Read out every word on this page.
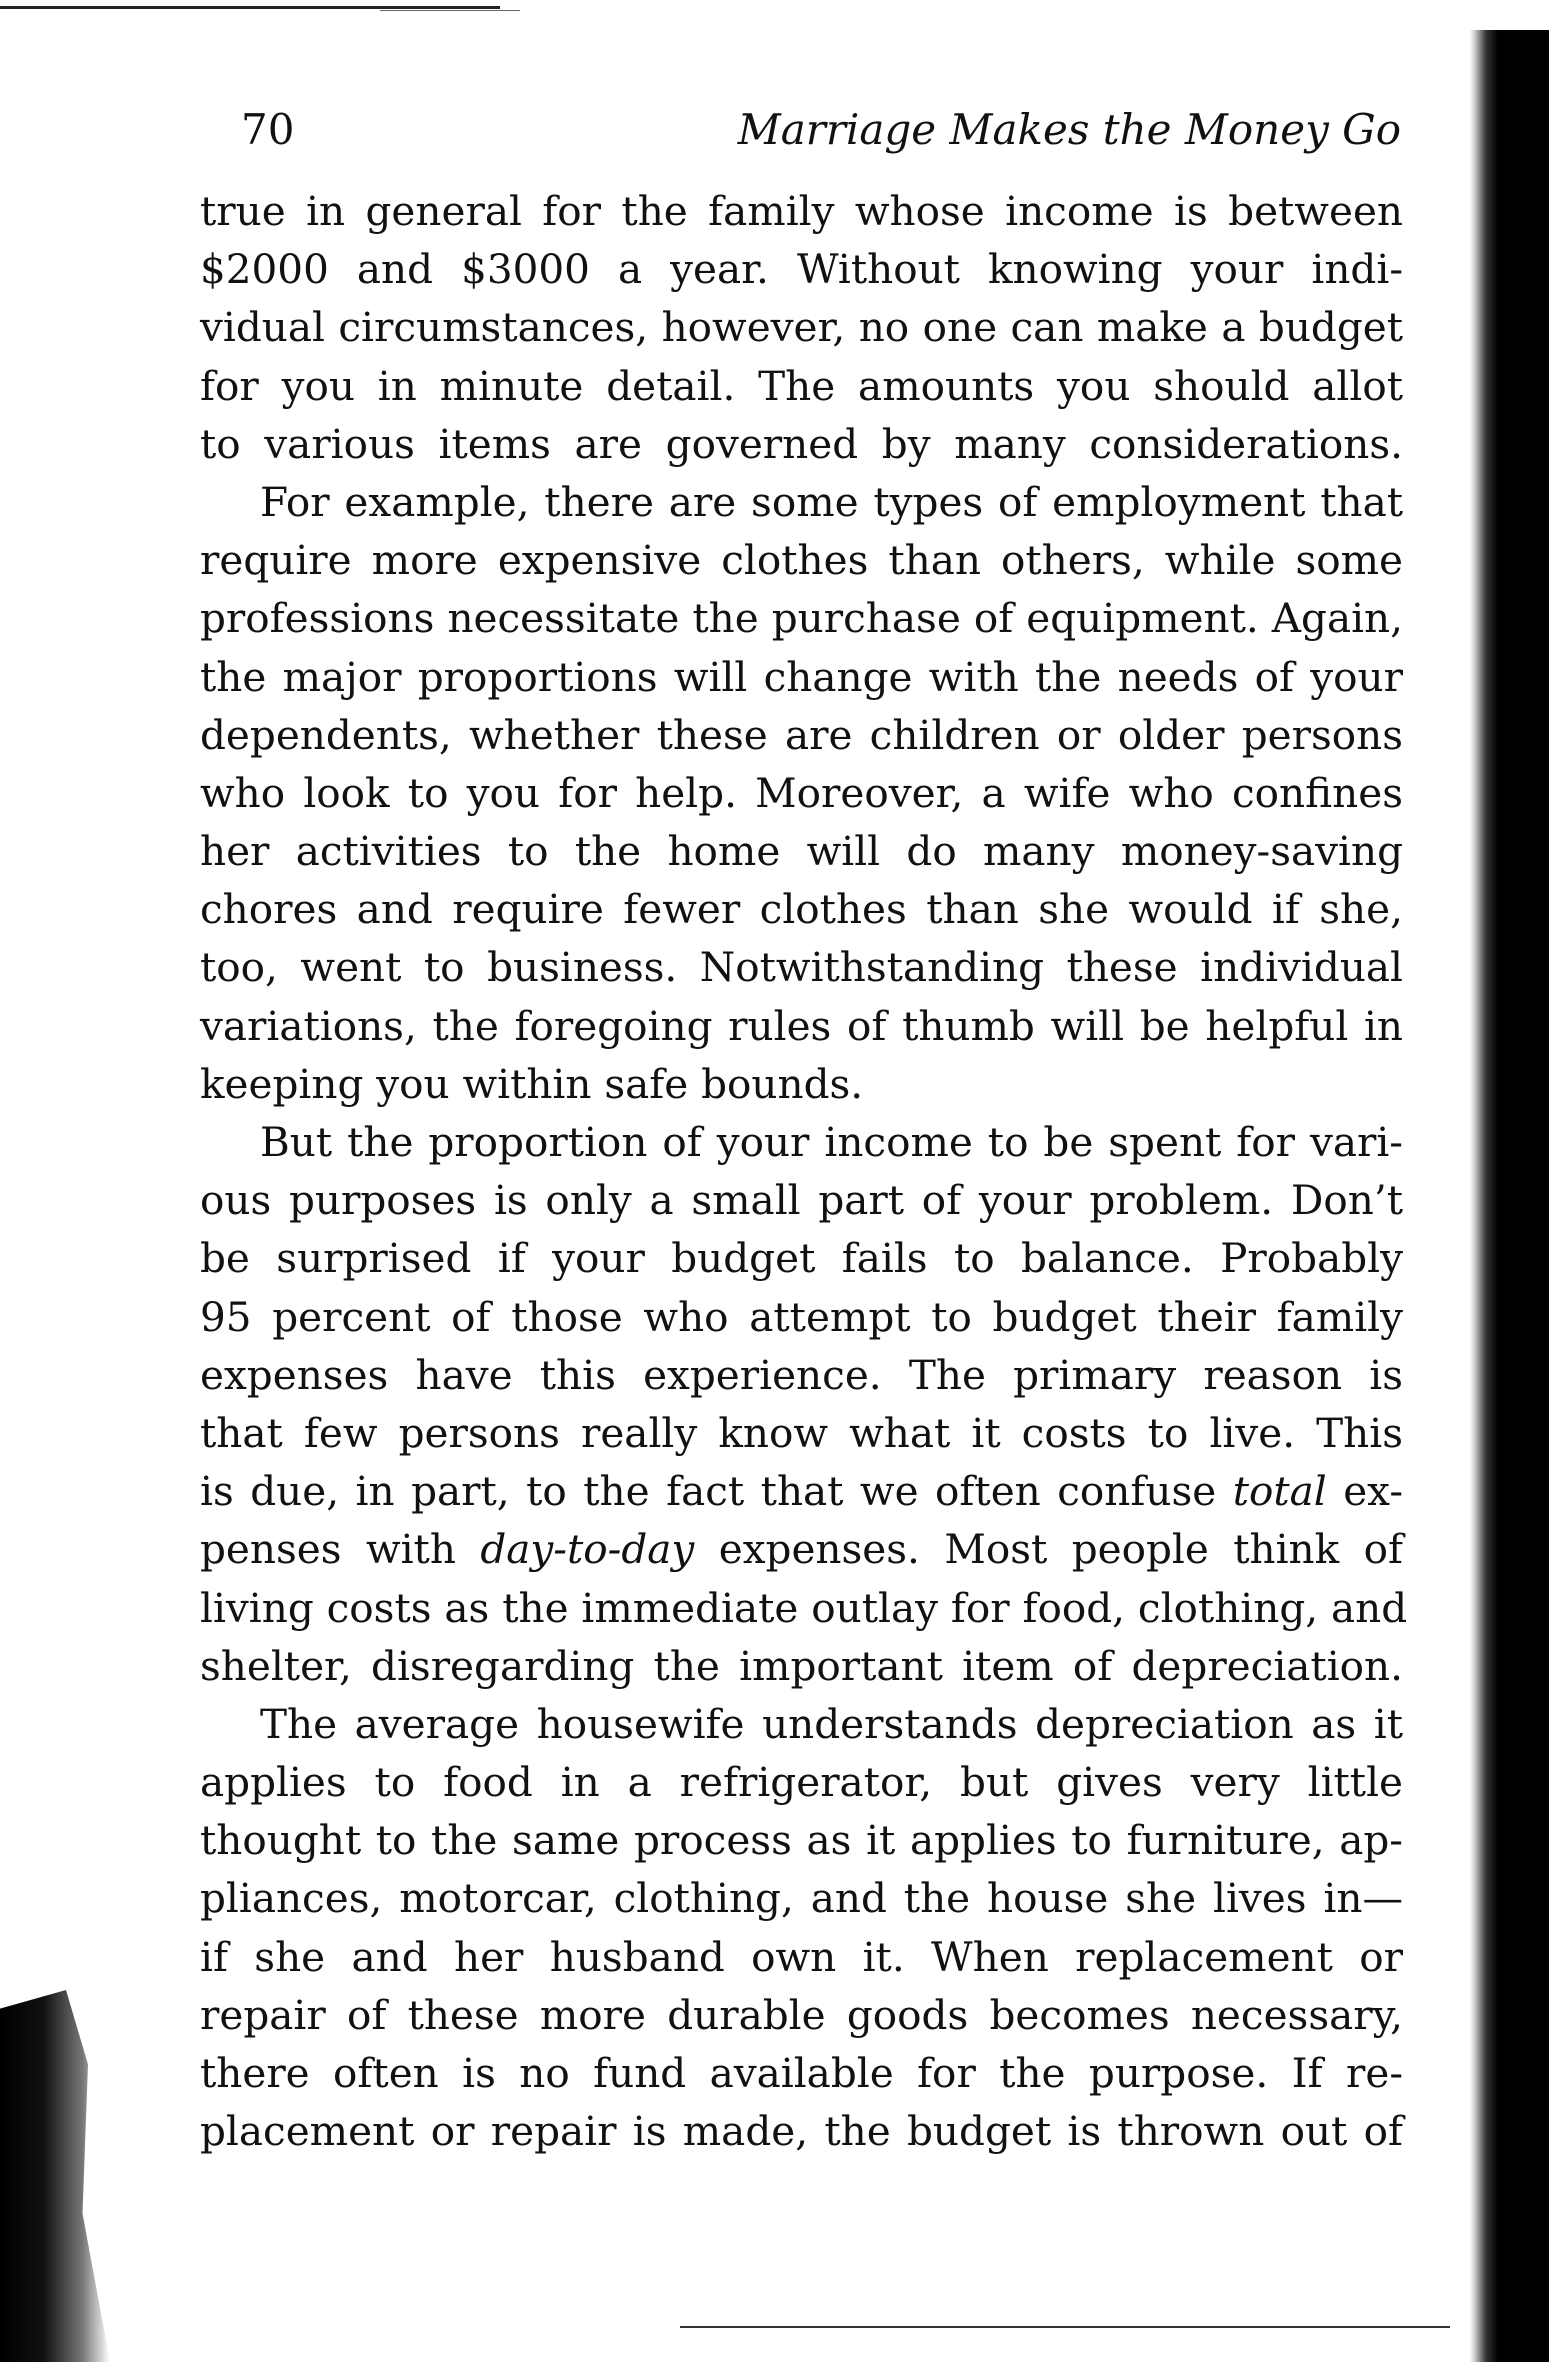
70	Marriage Makes the Money Go
true in general for the family whose income is between
$2000 and $3000 a year. Without knowing your indi-
vidual circumstances, however, no one can make a budget
for you in minute detail. The amounts you should allot
to various items are governed by many considerations.
For example, there are some types of employment that
require more expensive clothes than others, while some
professions necessitate the purchase of equipment. Again,
the major proportions will change with the needs of your
dependents, whether these are children or older persons
who look to you for help. Moreover, a wife who confines
her activities to the home will do many money-saving
chores and require fewer clothes than she would if she,
too, went to business. Notwithstanding these individual
variations, the foregoing rules of thumb will be helpful in
keeping you within safe bounds.
But the proportion of your income to be spent for vari-
ous purposes is only a small part of your problem. Don’t
be surprised if your budget fails to balance. Probably
95 percent of those who attempt to budget their family
expenses have this experience. The primary reason is
that few persons really know what it costs to live. This
is due, in part, to the fact that we often confuse total ex-
penses with day-to-day expenses. Most people think of
living costs as the immediate outlay for food, clothing, and
shelter, disregarding the important item of depreciation.
The average housewife understands depreciation as it
applies to food in a refrigerator, but gives very little
thought to the same process as it applies to furniture, ap-
pliances, motorcar, clothing, and the house she lives in—
if she and her husband own it. When replacement or
repair of these more durable goods becomes necessary,
there often is no fund available for the purpose. If re-
placement or repair is made, the budget is thrown out of
